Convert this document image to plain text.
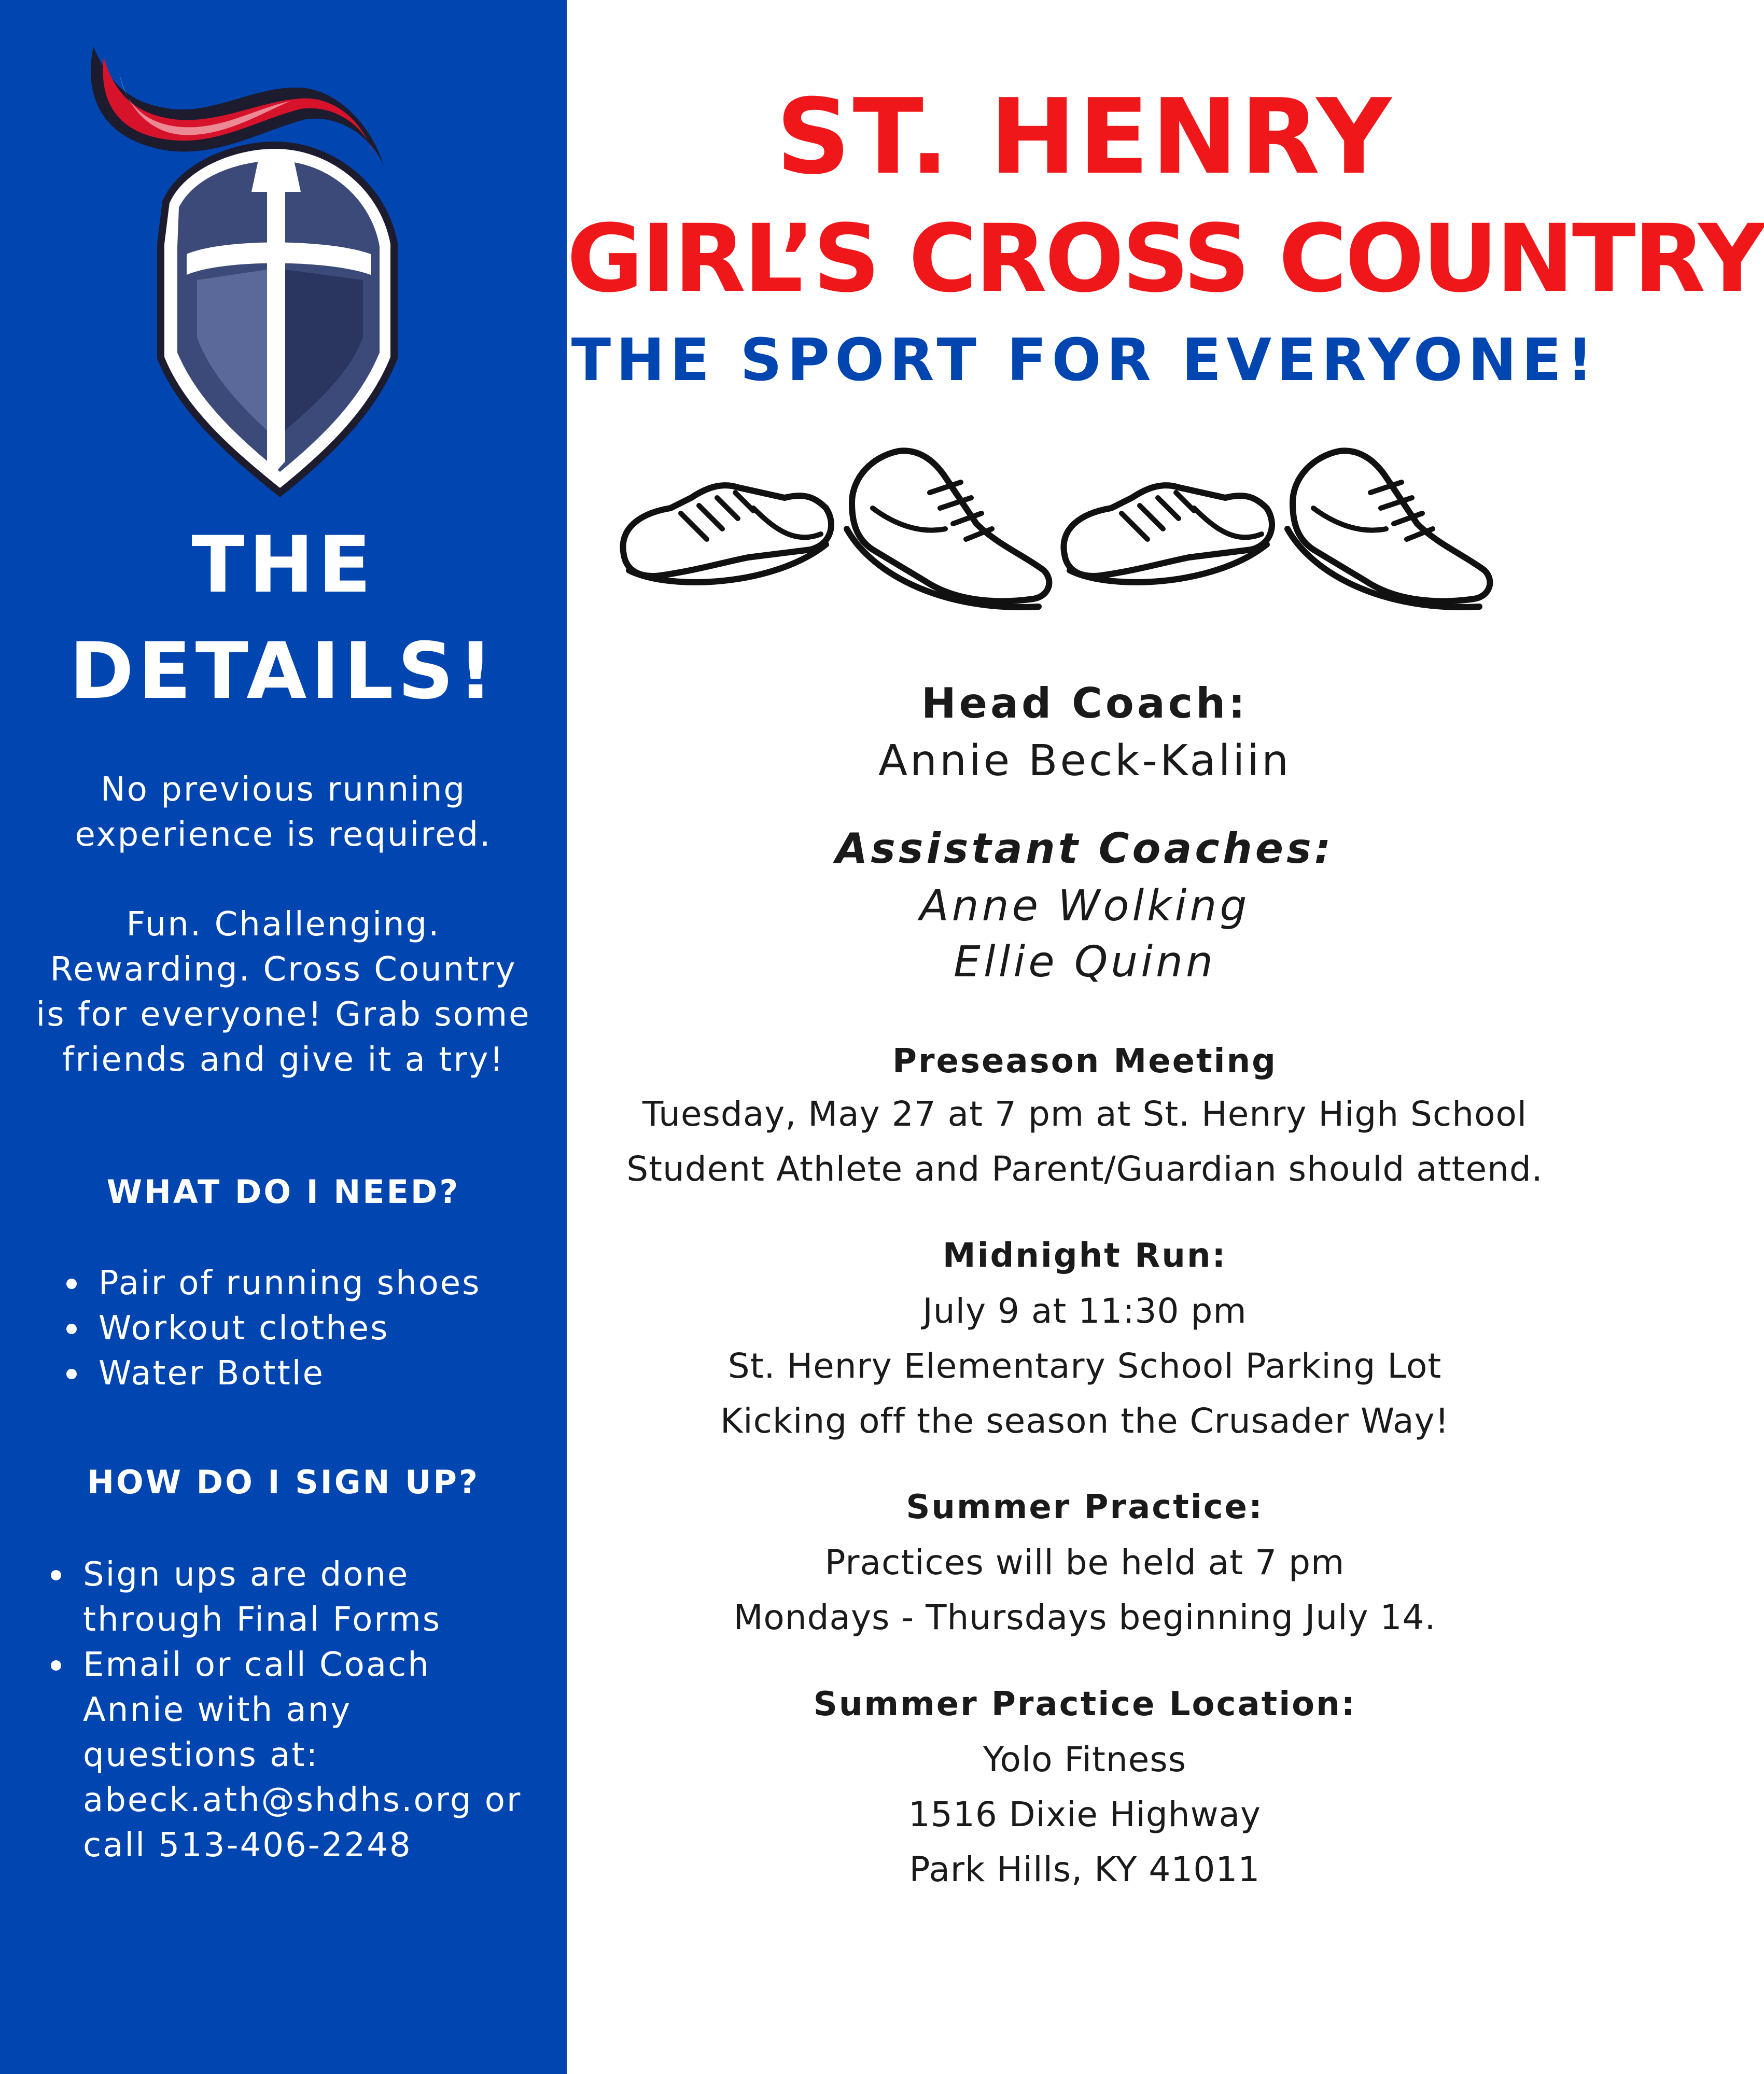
THE
DETAILS!
No previous running
experience is required.
Fun. Challenging.
Rewarding. Cross Country
is for everyone! Grab some
friends and give it a try!
WHAT DO I NEED?
Pair of running shoes
Workout clothes
Water Bottle
HOW DO I SIGN UP?
Sign ups are done
through Final Forms
Email or call Coach
Annie with any
questions at:
abeck.ath@shdhs.org or
call 513-406-2248
ST. HENRY
GIRL’S CROSS COUNTRY
THE SPORT FOR EVERYONE!
Head Coach:
Annie Beck-Kaliin
Assistant Coaches:
Anne Wolking
Ellie Quinn
Preseason Meeting
Tuesday, May 27 at 7 pm at St. Henry High School
Student Athlete and Parent/Guardian should attend.
Midnight Run:
July 9 at 11:30 pm
St. Henry Elementary School Parking Lot
Kicking off the season the Crusader Way!
Summer Practice:
Practices will be held at 7 pm
Mondays - Thursdays beginning July 14.
Summer Practice Location:
Yolo Fitness
1516 Dixie Highway
Park Hills, KY 41011
